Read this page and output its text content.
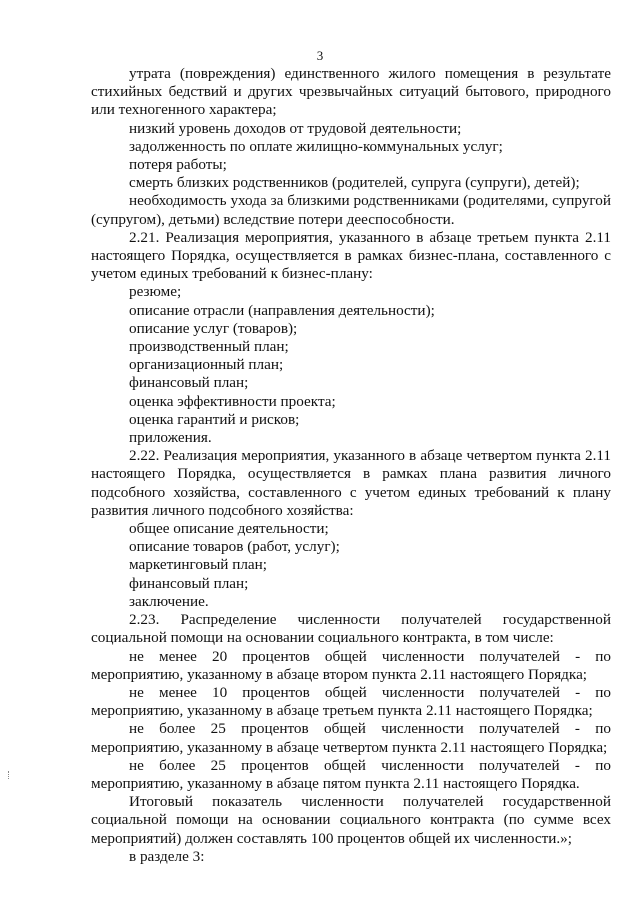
3

утрата (повреждения) единственного жилого помещения в результате стихийных бедствий и других чрезвычайных ситуаций бытового, природного или техногенного характера;

низкий уровень доходов от трудовой деятельности;

задолженность по оплате жилищно-коммунальных услуг;

потеря работы;

смерть близких родственников (родителей, супруга (супруги), детей);

необходимость ухода за близкими родственниками (родителями, супругой (супругом), детьми) вследствие потери дееспособности.

2.21. Реализация мероприятия, указанного в абзаце третьем пункта 2.11 настоящего Порядка, осуществляется в рамках бизнес-плана, составленного с учетом единых требований к бизнес-плану:

резюме;

описание отрасли (направления деятельности);

описание услуг (товаров);

производственный план;

организационный план;

финансовый план;

оценка эффективности проекта;

оценка гарантий и рисков;

приложения.

2.22. Реализация мероприятия, указанного в абзаце четвертом пункта 2.11 настоящего Порядка, осуществляется в рамках плана развития личного подсобного хозяйства, составленного с учетом единых требований к плану развития личного подсобного хозяйства:

общее описание деятельности;

описание товаров (работ, услуг);

маркетинговый план;

финансовый план;

заключение.

2.23. Распределение численности получателей государственной социальной помощи на основании социального контракта, в том числе:

не менее 20 процентов общей численности получателей - по мероприятию, указанному в абзаце втором пункта 2.11 настоящего Порядка;

не менее 10 процентов общей численности получателей - по мероприятию, указанному в абзаце третьем пункта 2.11 настоящего Порядка;

не более 25 процентов общей численности получателей - по мероприятию, указанному в абзаце четвертом пункта 2.11 настоящего Порядка;

не более 25 процентов общей численности получателей - по мероприятию, указанному в абзаце пятом пункта 2.11 настоящего Порядка.

Итоговый показатель численности получателей государственной социальной помощи на основании социального контракта (по сумме всех мероприятий) должен составлять 100 процентов общей их численности.»;

в разделе 3:
